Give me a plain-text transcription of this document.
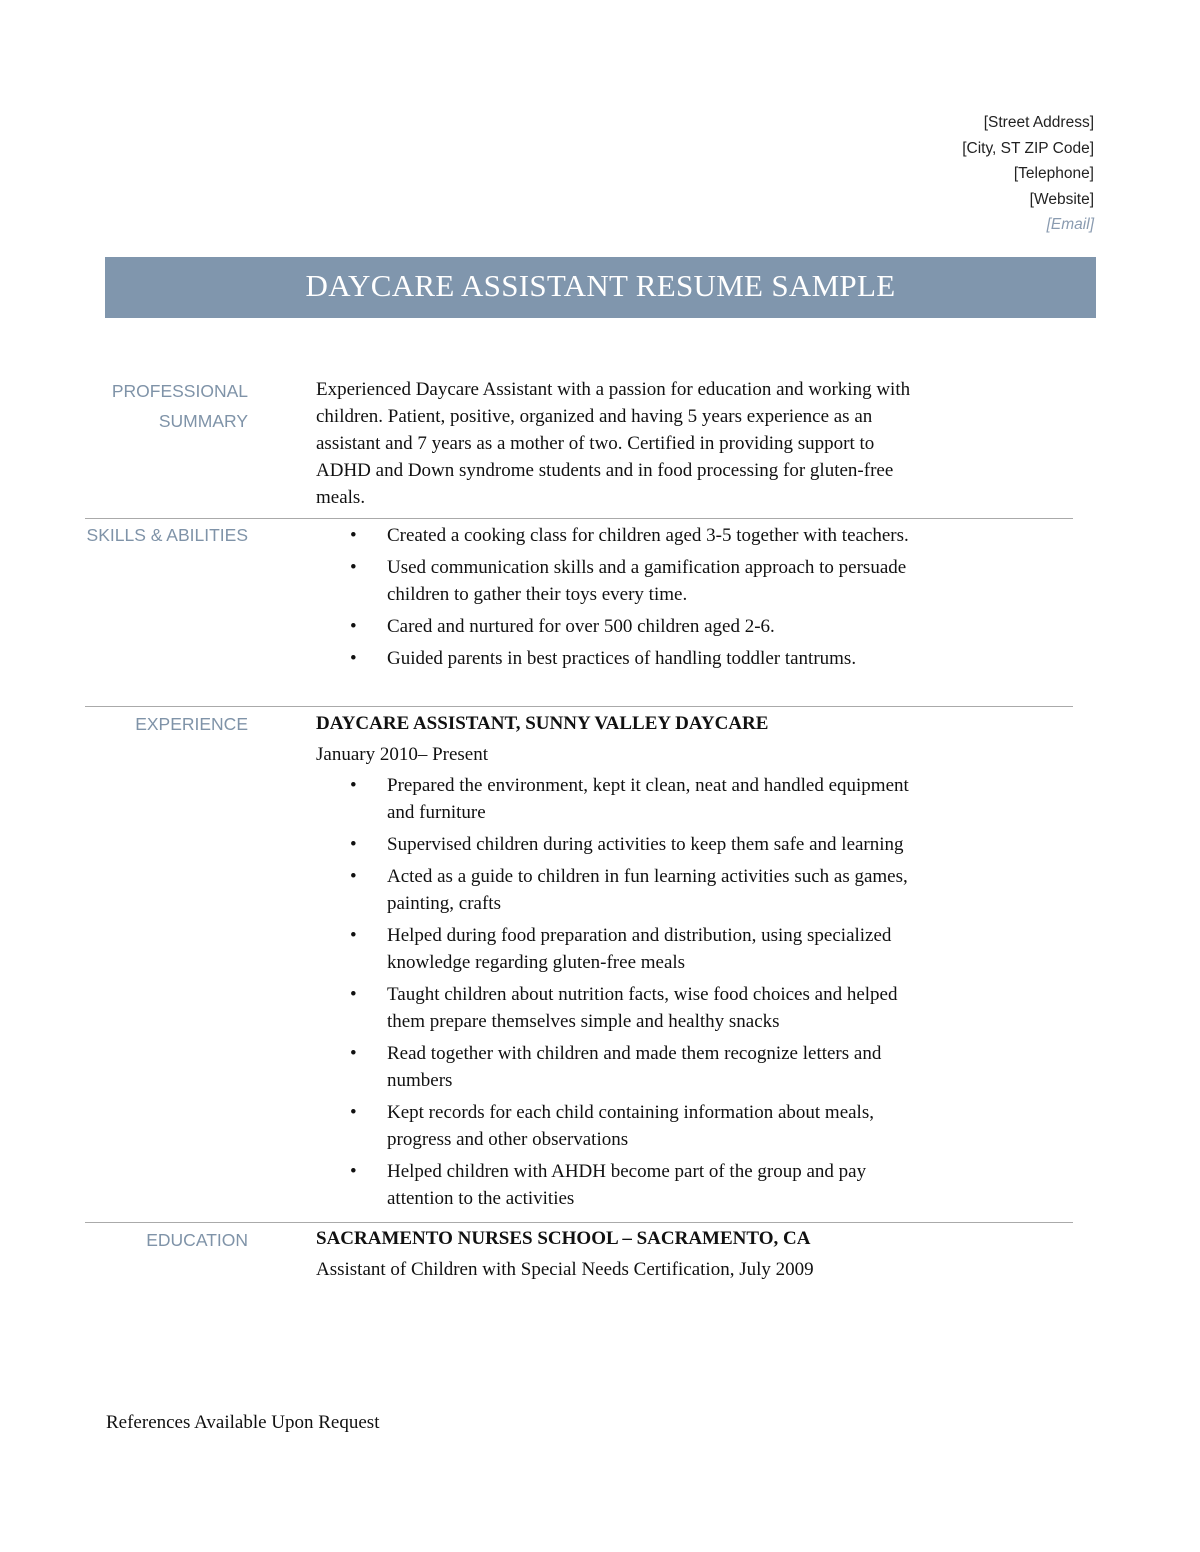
[Street Address]
[City, ST ZIP Code]
[Telephone]
[Website]
[Email]
DAYCARE ASSISTANT RESUME SAMPLE
PROFESSIONAL
SUMMARY
Experienced Daycare Assistant with a passion for education and working with children. Patient, positive, organized and having 5 years experience as an assistant and 7 years as a mother of two. Certified in providing support to ADHD and Down syndrome students and in food processing for gluten-free meals.
SKILLS & ABILITIES	• Created a cooking class for children aged 3-5 together with teachers.
• Used communication skills and a gamification approach to persuade children to gather their toys every time.
• Cared and nurtured for over 500 children aged 2-6.
• Guided parents in best practices of handling toddler tantrums.
EXPERIENCE	DAYCARE ASSISTANT, SUNNY VALLEY DAYCARE
January 2010– Present
• Prepared the environment, kept it clean, neat and handled equipment and furniture
• Supervised children during activities to keep them safe and learning
• Acted as a guide to children in fun learning activities such as games, painting, crafts
• Helped during food preparation and distribution, using specialized knowledge regarding gluten-free meals
• Taught children about nutrition facts, wise food choices and helped them prepare themselves simple and healthy snacks
• Read together with children and made them recognize letters and numbers
• Kept records for each child containing information about meals, progress and other observations
• Helped children with AHDH become part of the group and pay attention to the activities
EDUCATION	SACRAMENTO NURSES SCHOOL – SACRAMENTO, CA
Assistant of Children with Special Needs Certification, July 2009
References Available Upon Request
